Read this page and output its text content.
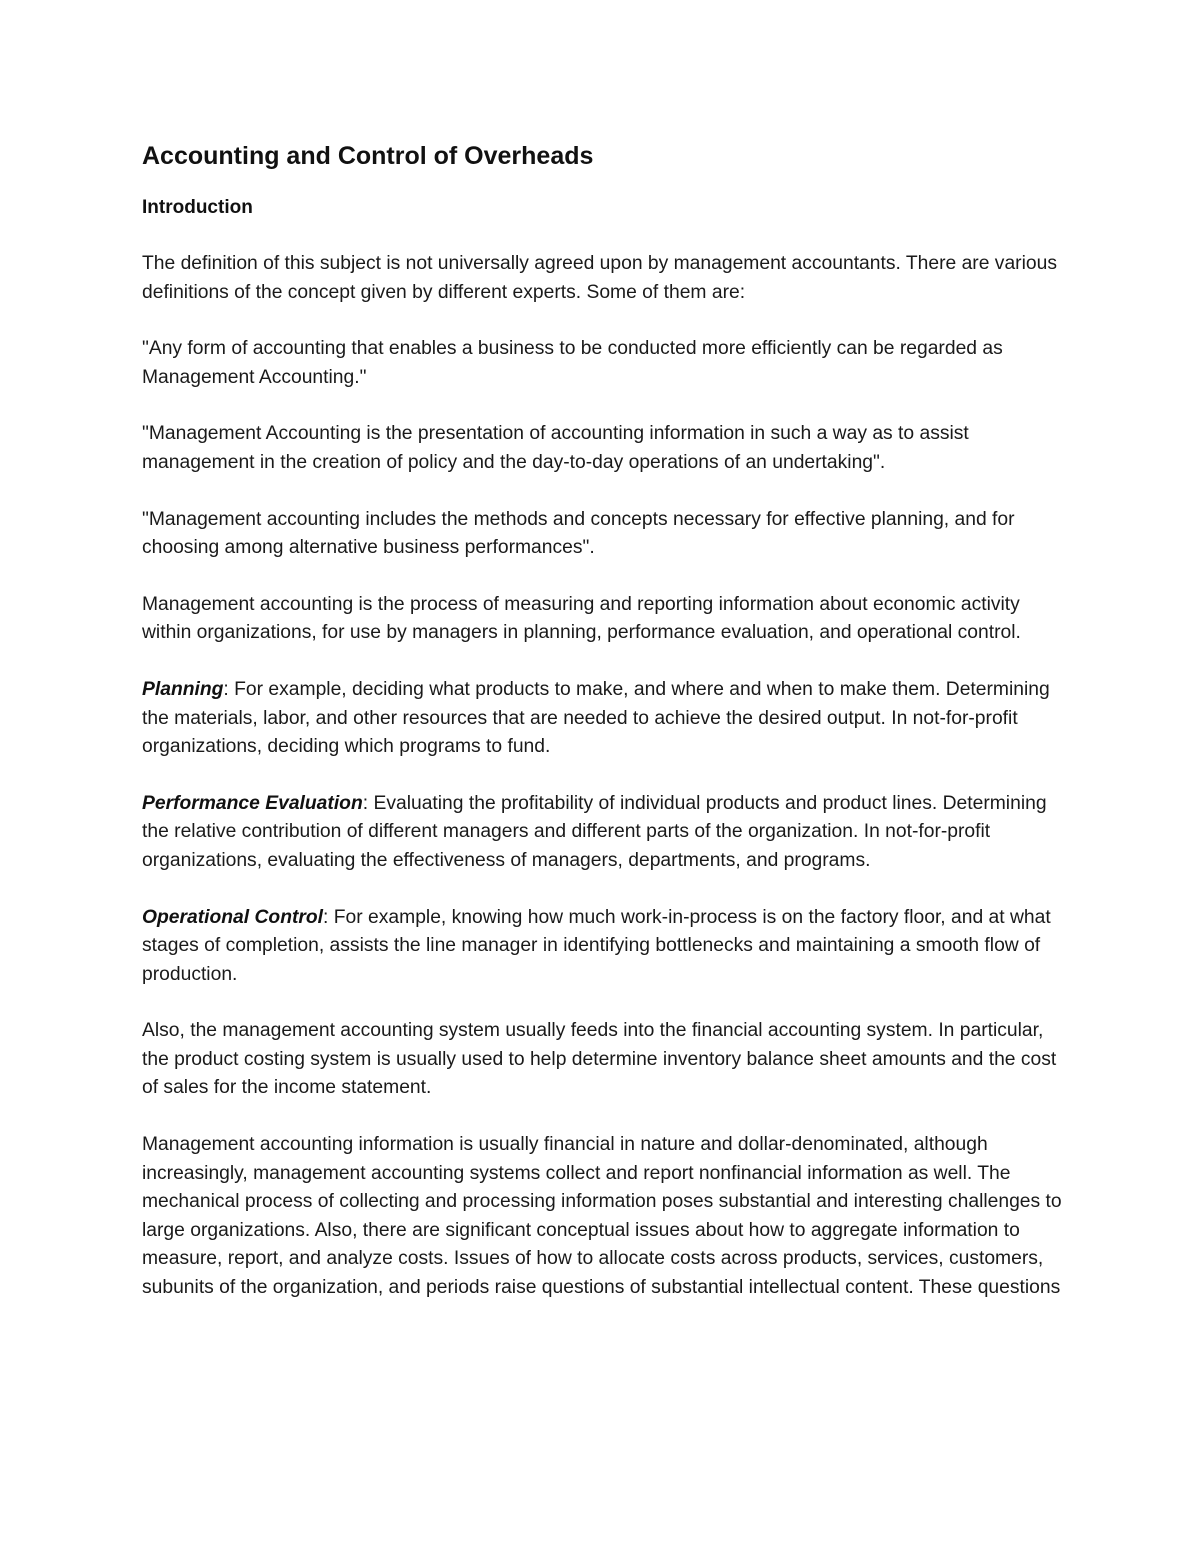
Accounting and Control of Overheads
Introduction

The definition of this subject is not universally agreed upon by management accountants. There are various definitions of the concept given by different experts. Some of them are:

"Any form of accounting that enables a business to be conducted more efficiently can be regarded as Management Accounting."

"Management Accounting is the presentation of accounting information in such a way as to assist management in the creation of policy and the day-to-day operations of an undertaking".

"Management accounting includes the methods and concepts necessary for effective planning, and for choosing among alternative business performances".

Management accounting is the process of measuring and reporting information about economic activity within organizations, for use by managers in planning, performance evaluation, and operational control.

Planning: For example, deciding what products to make, and where and when to make them. Determining the materials, labor, and other resources that are needed to achieve the desired output. In not-for-profit organizations, deciding which programs to fund.

Performance Evaluation: Evaluating the profitability of individual products and product lines. Determining the relative contribution of different managers and different parts of the organization. In not-for-profit organizations, evaluating the effectiveness of managers, departments, and programs.

Operational Control: For example, knowing how much work-in-process is on the factory floor, and at what stages of completion, assists the line manager in identifying bottlenecks and maintaining a smooth flow of production.

Also, the management accounting system usually feeds into the financial accounting system. In particular, the product costing system is usually used to help determine inventory balance sheet amounts and the cost of sales for the income statement.

Management accounting information is usually financial in nature and dollar-denominated, although increasingly, management accounting systems collect and report nonfinancial information as well. The mechanical process of collecting and processing information poses substantial and interesting challenges to large organizations. Also, there are significant conceptual issues about how to aggregate information to measure, report, and analyze costs. Issues of how to allocate costs across products, services, customers, subunits of the organization, and periods raise questions of substantial intellectual content. These questions
